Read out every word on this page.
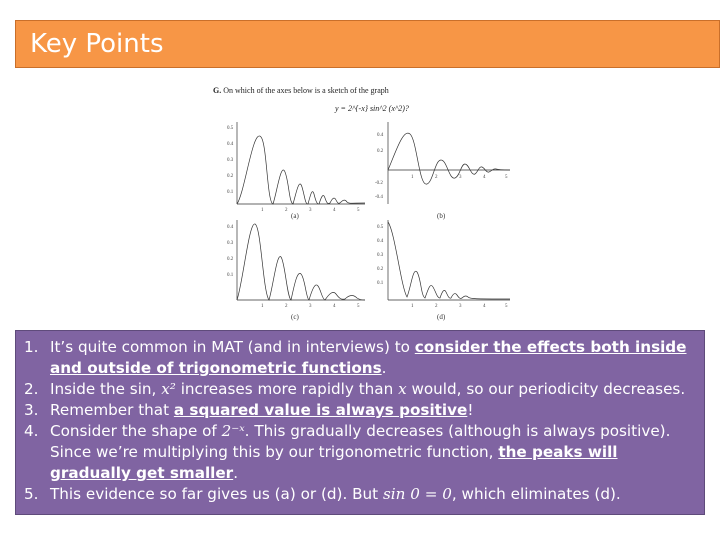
Key Points
G. On which of the axes below is a sketch of the graph
y = 2^{-x} sin^2 (x^2)?
0.5
0.4
0.3
0.2
0.1
1	2	3	4	5
0.4
0.2
-0.2
-0.4
1	2	3	4	5
0.4
0.3
0.2
0.1
1	2	3	4	5
0.5
0.4
0.3
0.2
0.1
1	2	3	4	5
(a)	(b)
(c)	(d)
It’s quite common in MAT (and in interviews) to consider the effects both inside and outside of trigonometric functions.
Inside the sin, x² increases more rapidly than x would, so our periodicity decreases.
Remember that a squared value is always positive!
Consider the shape of 2⁻ˣ. This gradually decreases (although is always positive). Since we’re multiplying this by our trigonometric function, the peaks will gradually get smaller.
This evidence so far gives us (a) or (d). But sin 0 = 0, which eliminates (d).
